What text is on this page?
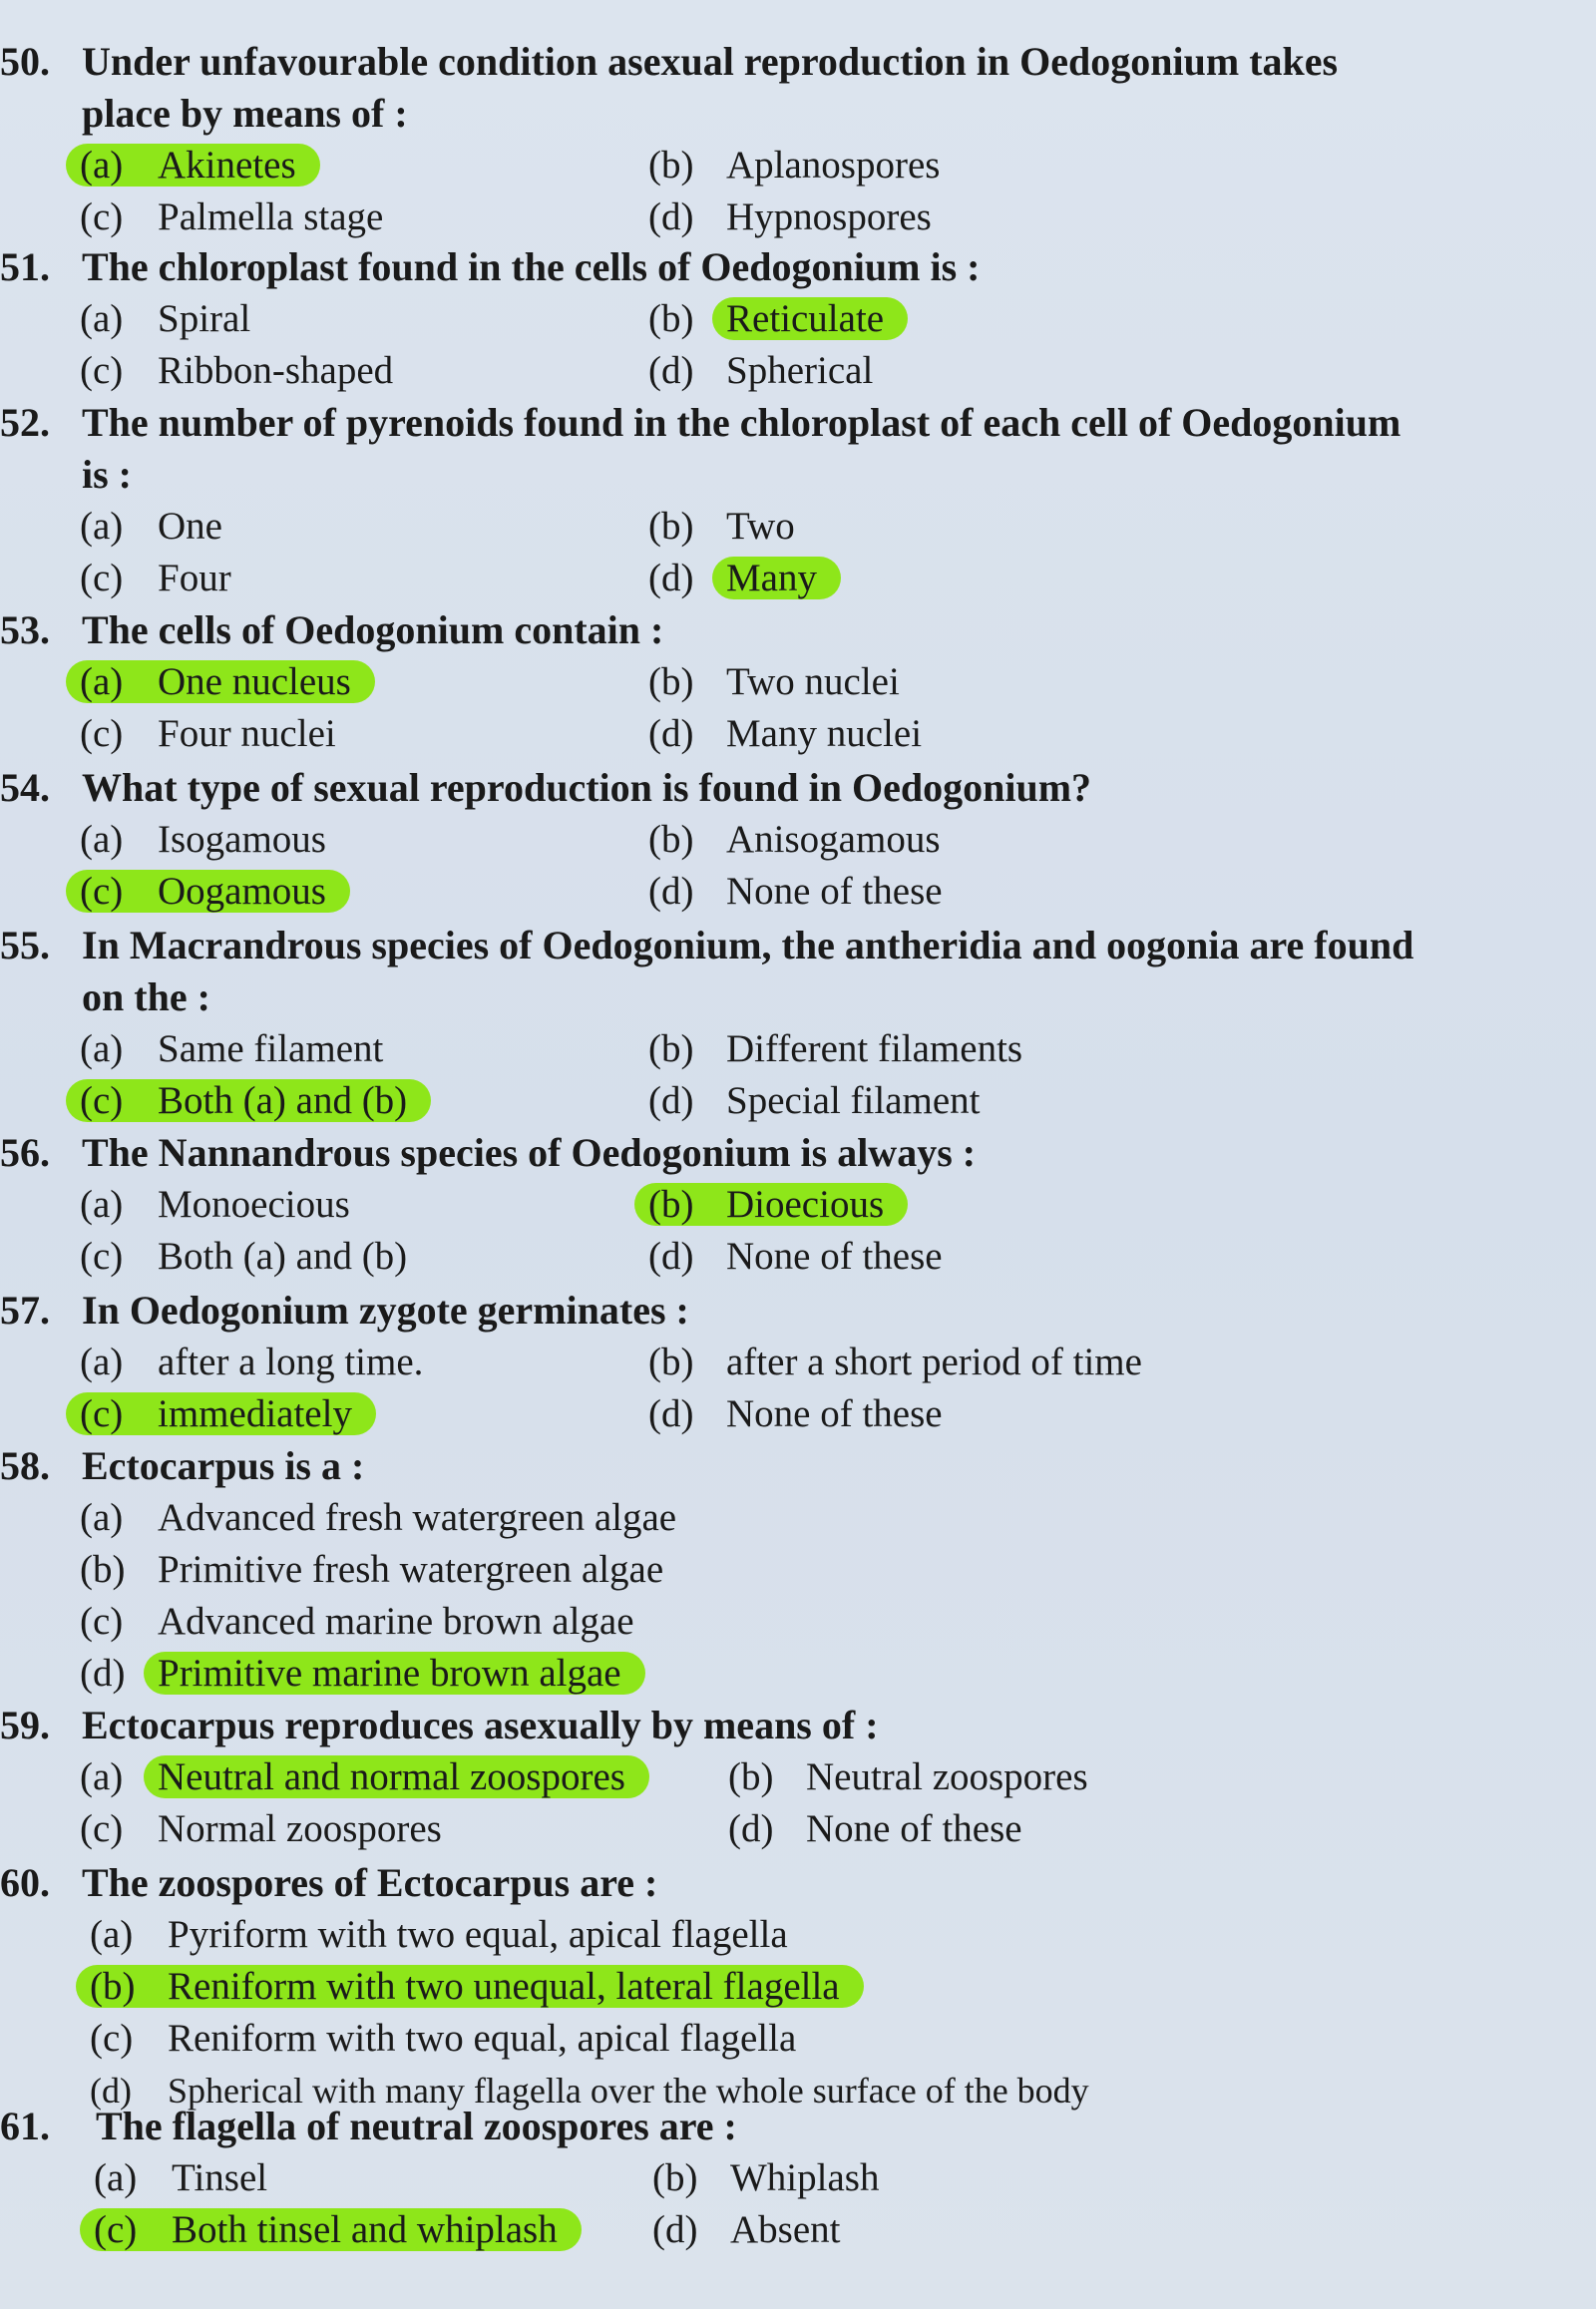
50. Under unfavourable condition asexual reproduction in Oedogonium takes place by means of :
(a) Akinetes	(b) Aplanospores
(c) Palmella stage	(d) Hypnospores
51. The chloroplast found in the cells of Oedogonium is :
(a) Spiral	(b) Reticulate
(c) Ribbon-shaped	(d) Spherical
52. The number of pyrenoids found in the chloroplast of each cell of Oedogonium is :
(a) One	(b) Two
(c) Four	(d) Many
53. The cells of Oedogonium contain :
(a) One nucleus	(b) Two nuclei
(c) Four nuclei	(d) Many nuclei
54. What type of sexual reproduction is found in Oedogonium?
(a) Isogamous	(b) Anisogamous
(c) Oogamous	(d) None of these
55. In Macrandrous species of Oedogonium, the antheridia and oogonia are found on the :
(a) Same filament	(b) Different filaments
(c) Both (a) and (b)	(d) Special filament
56. The Nannandrous species of Oedogonium is always :
(a) Monoecious	(b) Dioecious
(c) Both (a) and (b)	(d) None of these
57. In Oedogonium zygote germinates :
(a) after a long time.	(b) after a short period of time
(c) immediately	(d) None of these
58. Ectocarpus is a :
(a) Advanced fresh watergreen algae
(b) Primitive fresh watergreen algae
(c) Advanced marine brown algae
(d) Primitive marine brown algae
59. Ectocarpus reproduces asexually by means of :
(a) Neutral and normal zoospores	(b) Neutral zoospores
(c) Normal zoospores	(d) None of these
60. The zoospores of Ectocarpus are :
(a) Pyriform with two equal, apical flagella
(b) Reniform with two unequal, lateral flagella
(c) Reniform with two equal, apical flagella
(d) Spherical with many flagella over the whole surface of the body
61. The flagella of neutral zoospores are :
(a) Tinsel	(b) Whiplash
(c) Both tinsel and whiplash	(d) Absent
